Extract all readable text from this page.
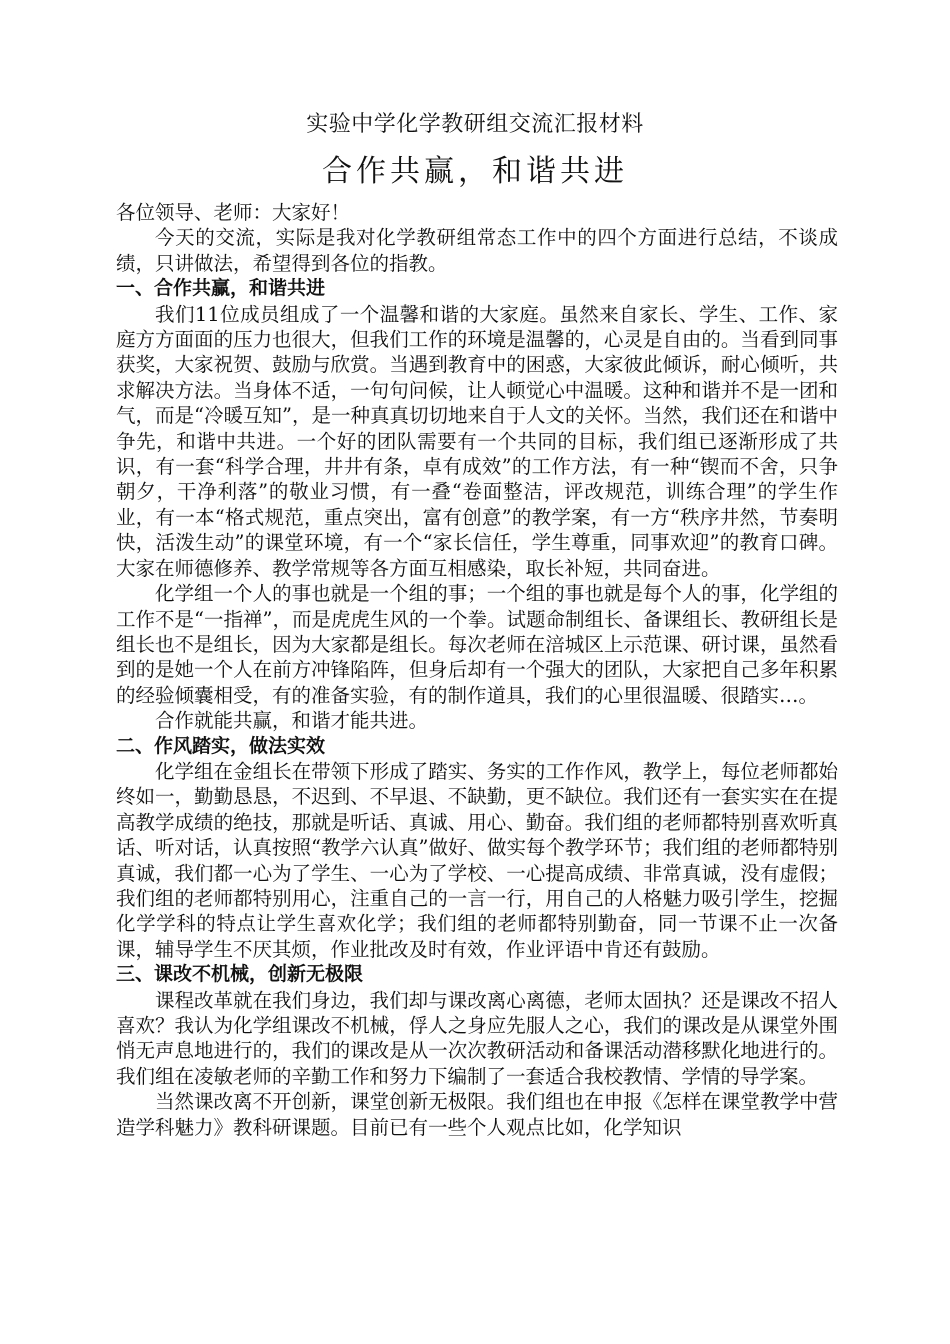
实验中学化学教研组交流汇报材料
合作共赢，和谐共进

各位领导、老师：大家好！

今天的交流，实际是我对化学教研组常态工作中的四个方面进行总结，不谈成绩，只讲做法，希望得到各位的指教。

一、合作共赢，和谐共进

我们11位成员组成了一个温馨和谐的大家庭。虽然来自家长、学生、工作、家庭方方面面的压力也很大，但我们工作的环境是温馨的，心灵是自由的。当看到同事获奖，大家祝贺、鼓励与欣赏。当遇到教育中的困惑，大家彼此倾诉，耐心倾听，共求解决方法。当身体不适，一句句问候，让人顿觉心中温暖。这种和谐并不是一团和气，而是“冷暖互知”，是一种真真切切地来自于人文的关怀。当然，我们还在和谐中争先，和谐中共进。一个好的团队需要有一个共同的目标，我们组已逐渐形成了共识，有一套“科学合理，井井有条，卓有成效”的工作方法，有一种“锲而不舍，只争朝夕，干净利落”的敬业习惯，有一叠“卷面整洁，评改规范，训练合理”的学生作业，有一本“格式规范，重点突出，富有创意”的教学案，有一方“秩序井然，节奏明快，活泼生动”的课堂环境，有一个“家长信任，学生尊重，同事欢迎”的教育口碑。大家在师德修养、教学常规等各方面互相感染，取长补短，共同奋进。

化学组一个人的事也就是一个组的事；一个组的事也就是每个人的事，化学组的工作不是“一指禅”，而是虎虎生风的一个拳。试题命制组长、备课组长、教研组长是组长也不是组长，因为大家都是组长。每次老师在涪城区上示范课、研讨课，虽然看到的是她一个人在前方冲锋陷阵，但身后却有一个强大的团队，大家把自己多年积累的经验倾囊相受，有的准备实验，有的制作道具，我们的心里很温暖、很踏实…。

合作就能共赢，和谐才能共进。

二、作风踏实，做法实效

化学组在金组长在带领下形成了踏实、务实的工作作风，教学上，每位老师都始终如一，勤勤恳恳，不迟到、不早退、不缺勤，更不缺位。我们还有一套实实在在提高教学成绩的绝技，那就是听话、真诚、用心、勤奋。我们组的老师都特别喜欢听真话、听对话，认真按照“教学六认真”做好、做实每个教学环节；我们组的老师都特别真诚，我们都一心为了学生、一心为了学校、一心提高成绩、非常真诚，没有虚假；我们组的老师都特别用心，注重自己的一言一行，用自己的人格魅力吸引学生，挖掘化学学科的特点让学生喜欢化学；我们组的老师都特别勤奋，同一节课不止一次备课，辅导学生不厌其烦，作业批改及时有效，作业评语中肯还有鼓励。

三、课改不机械，创新无极限

课程改革就在我们身边，我们却与课改离心离德，老师太固执？还是课改不招人喜欢？我认为化学组课改不机械，俘人之身应先服人之心，我们的课改是从课堂外围悄无声息地进行的，我们的课改是从一次次教研活动和备课活动潜移默化地进行的。我们组在凌敏老师的辛勤工作和努力下编制了一套适合我校教情、学情的导学案。

当然课改离不开创新，课堂创新无极限。我们组也在申报《怎样在课堂教学中营造学科魅力》教科研课题。目前已有一些个人观点比如，化学知识
